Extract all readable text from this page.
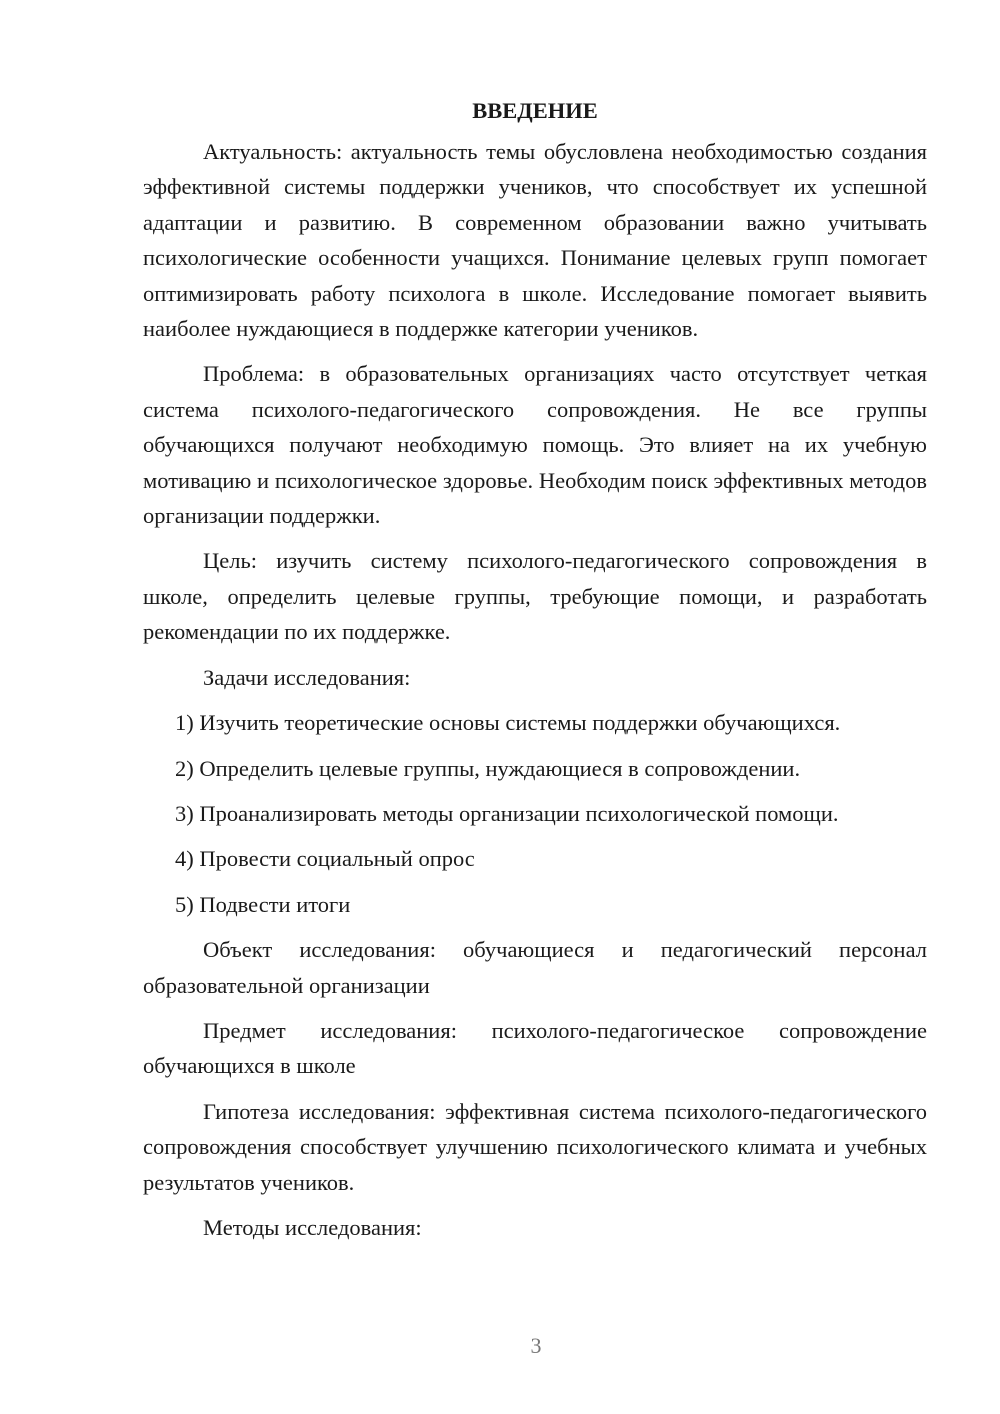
ВВЕДЕНИЕ

Актуальность: актуальность темы обусловлена необходимостью создания эффективной системы поддержки учеников, что способствует их успешной адаптации и развитию. В современном образовании важно учитывать психологические особенности учащихся. Понимание целевых групп помогает оптимизировать работу психолога в школе. Исследование помогает выявить наиболее нуждающиеся в поддержке категории учеников.

Проблема: в образовательных организациях часто отсутствует четкая система психолого-педагогического сопровождения. Не все группы обучающихся получают необходимую помощь. Это влияет на их учебную мотивацию и психологическое здоровье. Необходим поиск эффективных методов организации поддержки.

Цель: изучить систему психолого-педагогического сопровождения в школе, определить целевые группы, требующие помощи, и разработать рекомендации по их поддержке.

Задачи исследования:

1) Изучить теоретические основы системы поддержки обучающихся.

2) Определить целевые группы, нуждающиеся в сопровождении.

3) Проанализировать методы организации психологической помощи.

4) Провести социальный опрос

5) Подвести итоги

Объект исследования: обучающиеся и педагогический персонал образовательной организации

Предмет исследования: психолого-педагогическое сопровождение обучающихся в школе

Гипотеза исследования: эффективная система психолого-педагогического сопровождения способствует улучшению психологического климата и учебных результатов учеников.

Методы исследования:

3
